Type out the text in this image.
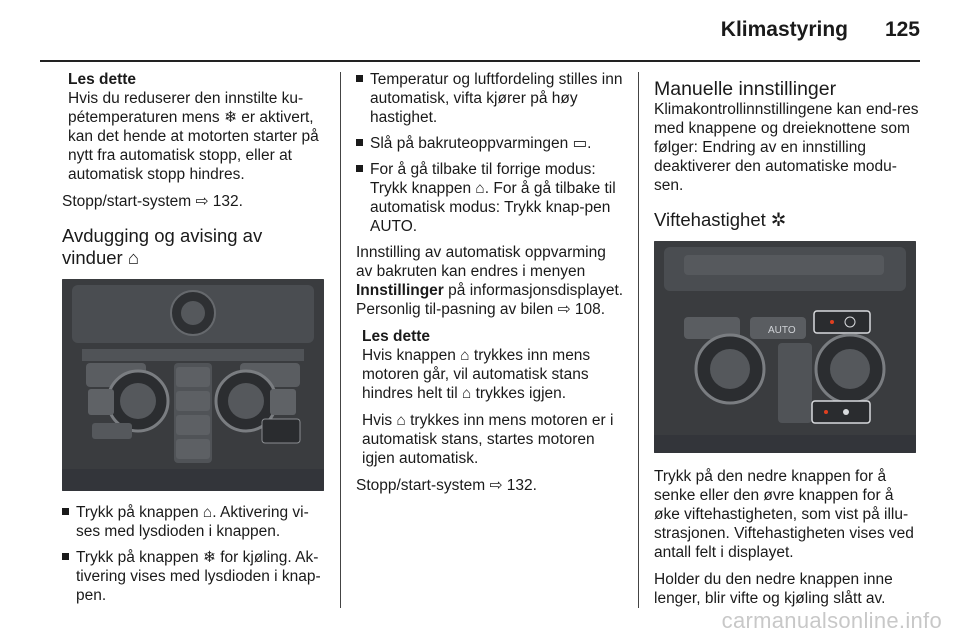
Klimastyring 125
Les dette

Hvis du reduserer den innstilte ku-pétemperaturen mens ❄ er aktivert, kan det hende at motorten starter på nytt fra automatisk stopp, eller at automatisk stopp hindres.

Stopp/start-system ⇨ 132.

Avdugging og avising av vinduer ⌂
Trykk på knappen ⌂. Aktivering vi-ses med lysdioden i knappen.
Trykk på knappen ❄ for kjøling. Ak-tivering vises med lysdioden i knap-pen.
Temperatur og luftfordeling stilles inn automatisk, vifta kjører på høy hastighet.
Slå på bakruteoppvarmingen ▭.
For å gå tilbake til forrige modus: Trykk knappen ⌂. For å gå tilbake til automatisk modus: Trykk knap-pen AUTO.

Innstilling av automatisk oppvarming av bakruten kan endres i menyen Innstillinger på informasjonsdisplayet. Personlig til-pasning av bilen ⇨ 108.

Les dette

Hvis knappen ⌂ trykkes inn mens motoren går, vil automatisk stans hindres helt til ⌂ trykkes igjen.

Hvis ⌂ trykkes inn mens motoren er i automatisk stans, startes motoren igjen automatisk.

Stopp/start-system ⇨ 132.

Manuelle innstillinger

Klimakontrollinnstillingene kan end-res med knappene og dreieknottene som følger: Endring av en innstilling deaktiverer den automatiske modu-sen.

Viftehastighet ✲
AUTO

Trykk på den nedre knappen for å senke eller den øvre knappen for å øke viftehastigheten, som vist på illu-strasjonen. Viftehastigheten vises ved antall felt i displayet.

Holder du den nedre knappen inne lenger, blir vifte og kjøling slått av.

carmanualsonline.info
